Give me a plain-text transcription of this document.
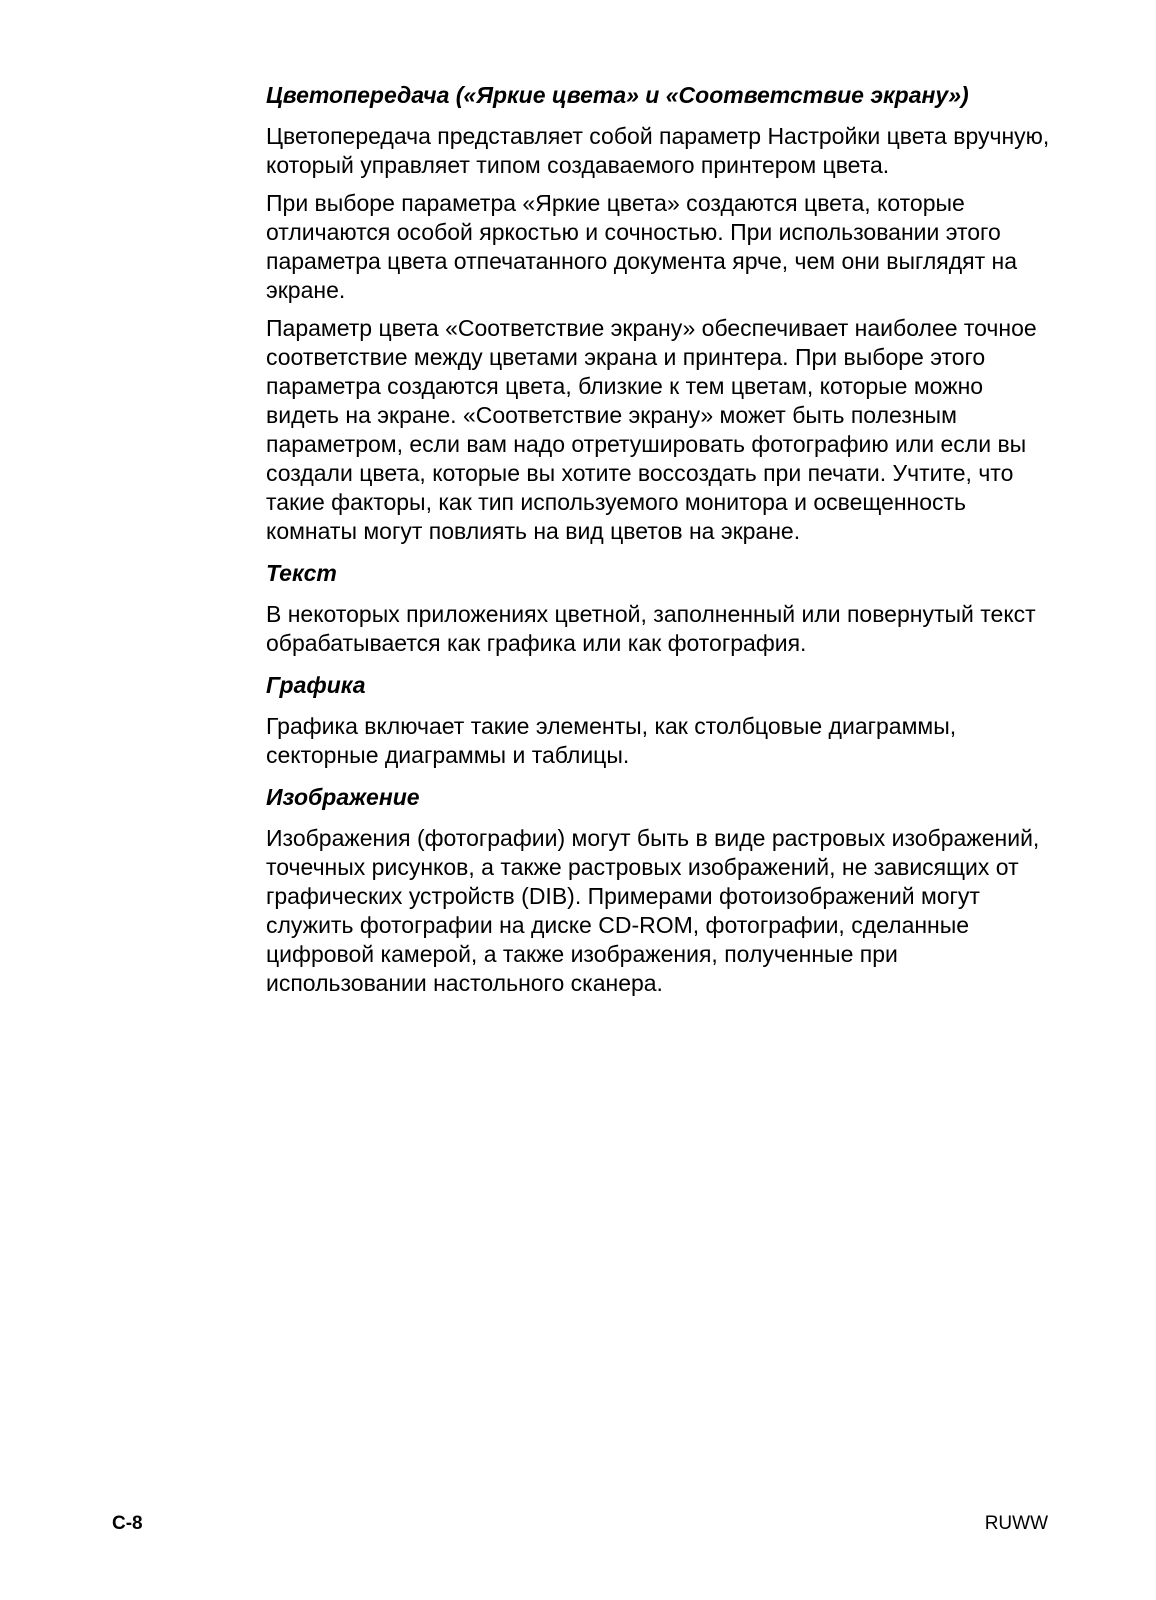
Цветопередача («Яркие цвета» и «Соответствие экрану»)

Цветопередача представляет собой параметр Настройки цвета вручную, который управляет типом создаваемого принтером цвета.

При выборе параметра «Яркие цвета» создаются цвета, которые отличаются особой яркостью и сочностью. При использовании этого параметра цвета отпечатанного документа ярче, чем они выглядят на экране.

Параметр цвета «Соответствие экрану» обеспечивает наиболее точное соответствие между цветами экрана и принтера. При выборе этого параметра создаются цвета, близкие к тем цветам, которые можно видеть на экране. «Соответствие экрану» может быть полезным параметром, если вам надо отретушировать фотографию или если вы создали цвета, которые вы хотите воссоздать при печати. Учтите, что такие факторы, как тип используемого монитора и освещенность комнаты могут повлиять на вид цветов на экране.

Текст

В некоторых приложениях цветной, заполненный или повернутый текст обрабатывается как графика или как фотография.

Графика

Графика включает такие элементы, как столбцовые диаграммы, секторные диаграммы и таблицы.

Изображение

Изображения (фотографии) могут быть в виде растровых изображений, точечных рисунков, а также растровых изображений, не зависящих от графических устройств (DIB). Примерами фотоизображений могут служить фотографии на диске CD-ROM, фотографии, сделанные цифровой камерой, а также изображения, полученные при использовании настольного сканера.

C-8	RUWW
